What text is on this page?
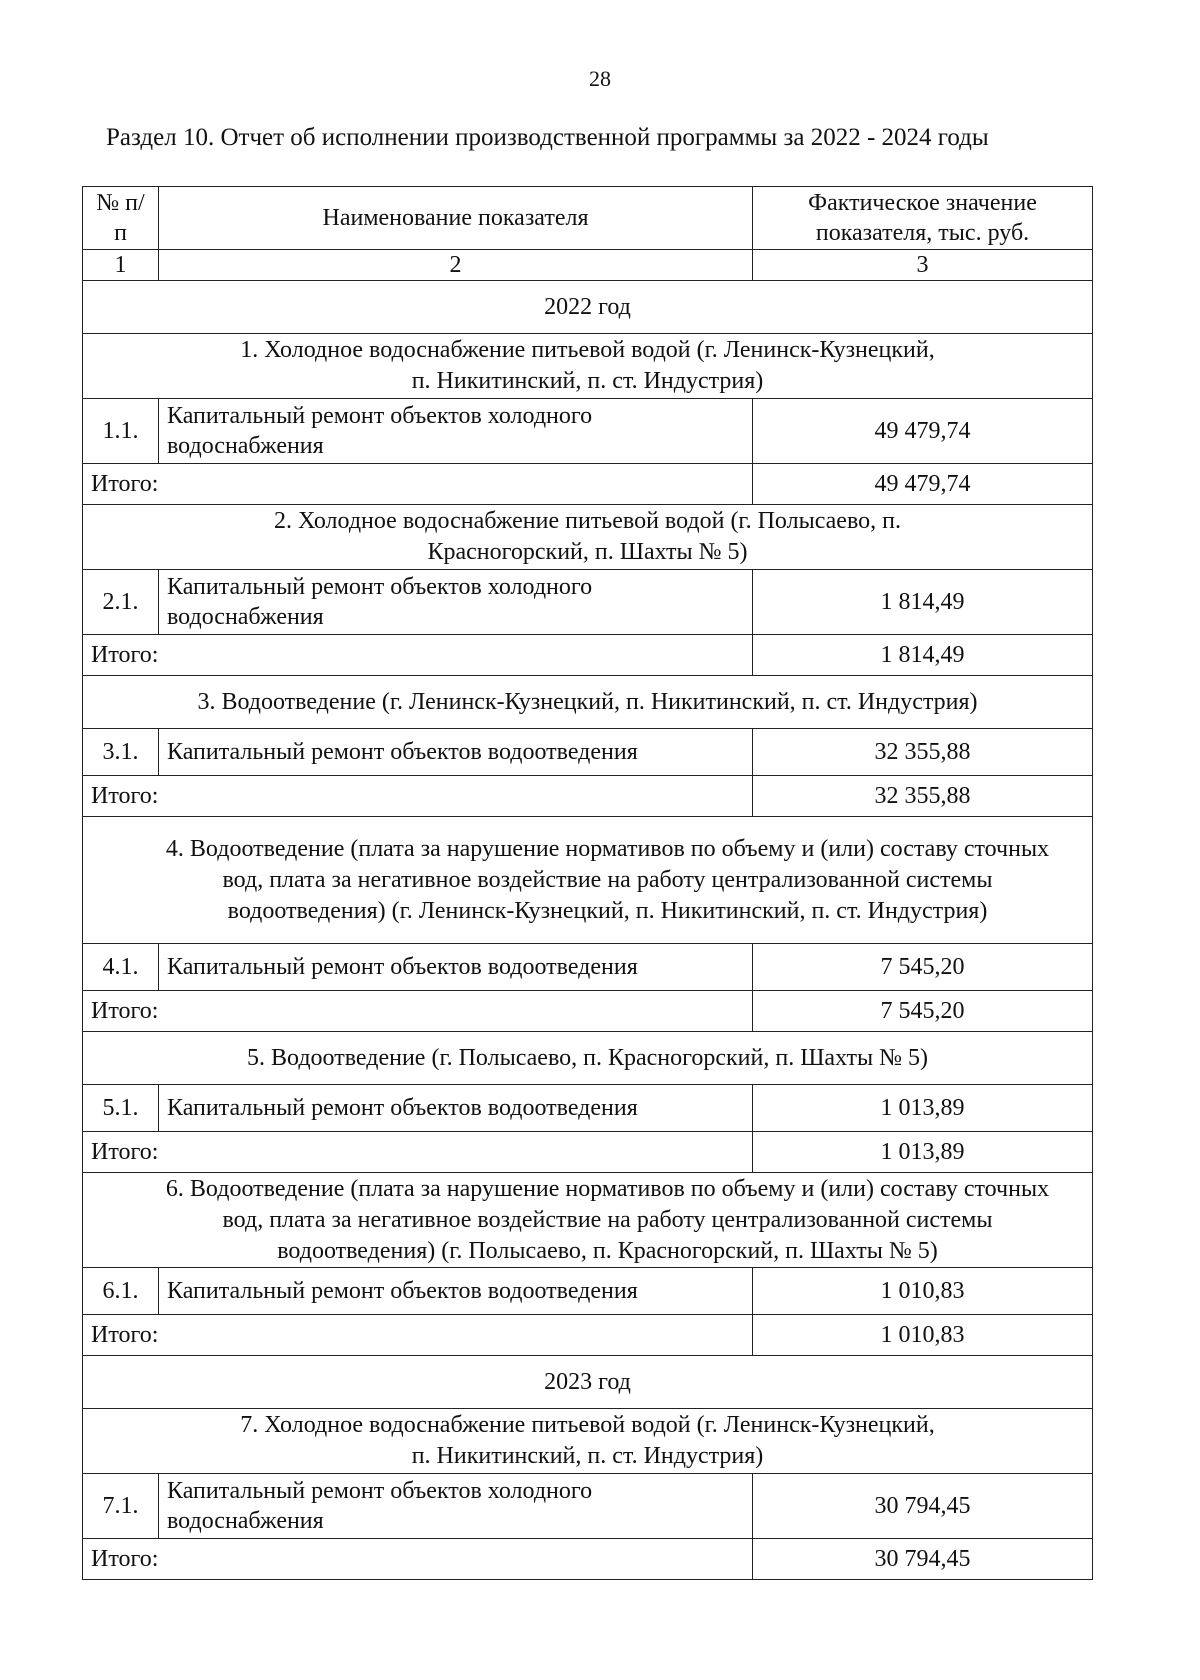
28
Раздел 10. Отчет об исполнении производственной программы за 2022 - 2024 годы
№ п/п	Наименование показателя	Фактическое значение показателя, тыс. руб.
1	2	3
2022 год		
1. Холодное водоснабжение питьевой водой (г. Ленинск-Кузнецкий, п. Никитинский, п. ст. Индустрия)		
1.1.	Капитальный ремонт объектов холодного водоснабжения	49 479,74
Итого:		49 479,74
2. Холодное водоснабжение питьевой водой (г. Полысаево, п. Красногорский, п. Шахты № 5)		
2.1.	Капитальный ремонт объектов холодного водоснабжения	1 814,49
Итого:		1 814,49
3. Водоотведение (г. Ленинск-Кузнецкий, п. Никитинский, п. ст. Индустрия)		
3.1.	Капитальный ремонт объектов водоотведения	32 355,88
Итого:		32 355,88
4. Водоотведение (плата за нарушение нормативов по объему и (или) составу сточных вод, плата за негативное воздействие на работу централизованной системы водоотведения) (г. Ленинск-Кузнецкий, п. Никитинский, п. ст. Индустрия)		
4.1.	Капитальный ремонт объектов водоотведения	7 545,20
Итого:		7 545,20
5. Водоотведение (г. Полысаево, п. Красногорский, п. Шахты № 5)		
5.1.	Капитальный ремонт объектов водоотведения	1 013,89
Итого:		1 013,89
6. Водоотведение (плата за нарушение нормативов по объему и (или) составу сточных вод, плата за негативное воздействие на работу централизованной системы водоотведения) (г. Полысаево, п. Красногорский, п. Шахты № 5)		
6.1.	Капитальный ремонт объектов водоотведения	1 010,83
Итого:		1 010,83
2023 год		
7. Холодное водоснабжение питьевой водой (г. Ленинск-Кузнецкий, п. Никитинский, п. ст. Индустрия)		
7.1.	Капитальный ремонт объектов холодного водоснабжения	30 794,45
Итого:		30 794,45
